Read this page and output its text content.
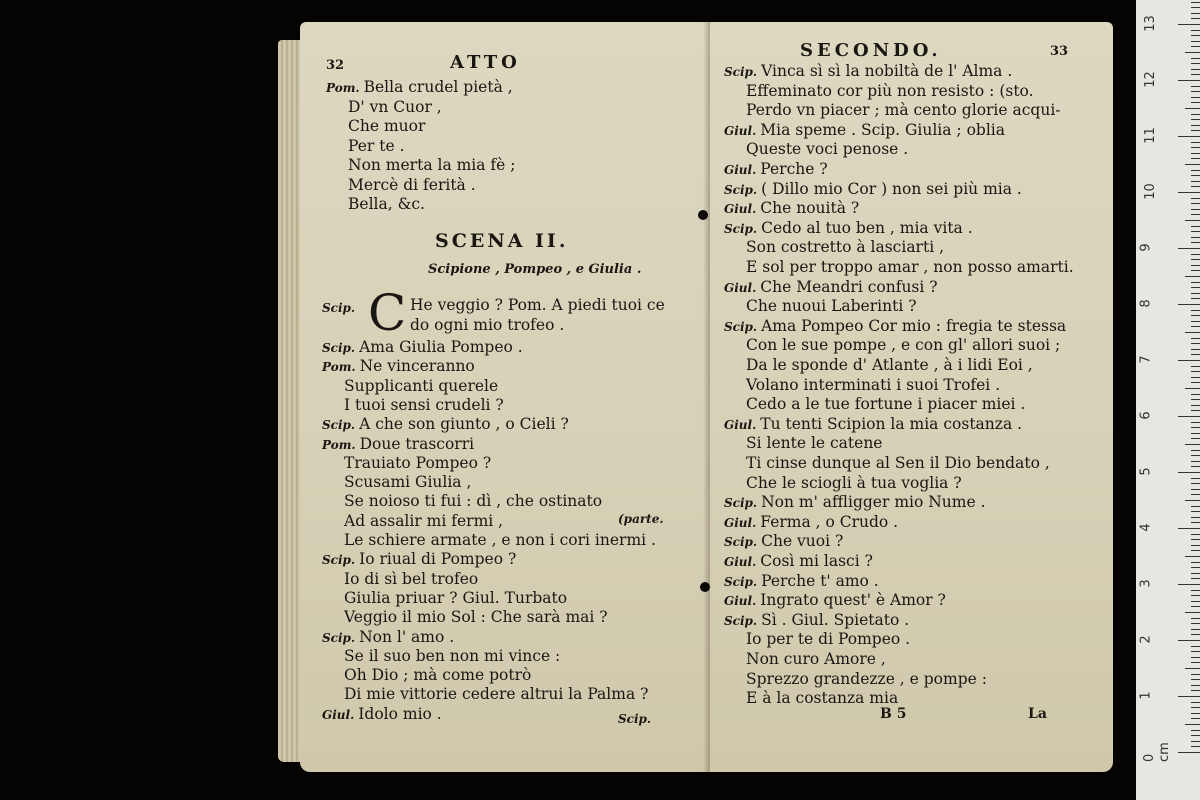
32	ATTO
Pom. Bella crudel pietà ,
D' vn Cuor ,
Che muor
Per te .
Non merta la mia fè ;
Mercè di ferità .
Bella, &c.
SCENA II.
Scipione , Pompeo , e Giulia .
Scip. C He veggio ? Pom. A piedi tuoi ce
do ogni mio trofeo .
Scip. Ama Giulia Pompeo .
Pom. Ne vinceranno
Supplicanti querele
I tuoi sensi crudeli ?
Scip. A che son giunto , o Cieli ?
Pom. Doue trascorri
Trauiato Pompeo ?
Scusami Giulia ,
Se noioso ti fui : dì , che ostinato
Ad assalir mi fermi ,
Le schiere armate , e non i cori inermi .
Scip. Io riual di Pompeo ?
Io di sì bel trofeo
Giulia priuar ? Giul. Turbato
Veggio il mio Sol : Che sarà mai ?
Scip. Non l' amo .
Se il suo ben non mi vince :
Oh Dio ; mà come potrò
Di mie vittorie cedere altrui la Palma ?
Giul. Idolo mio .
(parte.
Scip.
SECONDO.	33
Scip. Vinca sì sì la nobiltà de l' Alma .
Effeminato cor più non resisto : (sto.
Perdo vn piacer ; mà cento glorie acqui-
Giul. Mia speme . Scip. Giulia ; oblia
Queste voci penose .
Giul. Perche ?
Scip. ( Dillo mio Cor ) non sei più mia .
Giul. Che nouità ?
Scip. Cedo al tuo ben , mia vita .
Son costretto à lasciarti ,
E sol per troppo amar , non posso amarti.
Giul. Che Meandri confusi ?
Che nuoui Laberinti ?
Scip. Ama Pompeo Cor mio : fregia te stessa
Con le sue pompe , e con gl' allori suoi ;
Da le sponde d' Atlante , à i lidi Eoi ,
Volano interminati i suoi Trofei .
Cedo a le tue fortune i piacer miei .
Giul. Tu tenti Scipion la mia costanza .
Si lente le catene
Ti cinse dunque al Sen il Dio bendato ,
Che le sciogli à tua voglia ?
Scip. Non m' affligger mio Nume .
Giul. Ferma , o Crudo .
Scip. Che vuoi ?
Giul. Così mi lasci ?
Scip. Perche t' amo .
Giul. Ingrato quest' è Amor ?
Scip. Sì . Giul. Spietato .
Io per te di Pompeo .
Non curo Amore ,
Sprezzo grandezze , e pompe :
E à la costanza mia
B 5	La
1
2
3
4
5
6
7
8
9
10
11
12
13
0 cm
